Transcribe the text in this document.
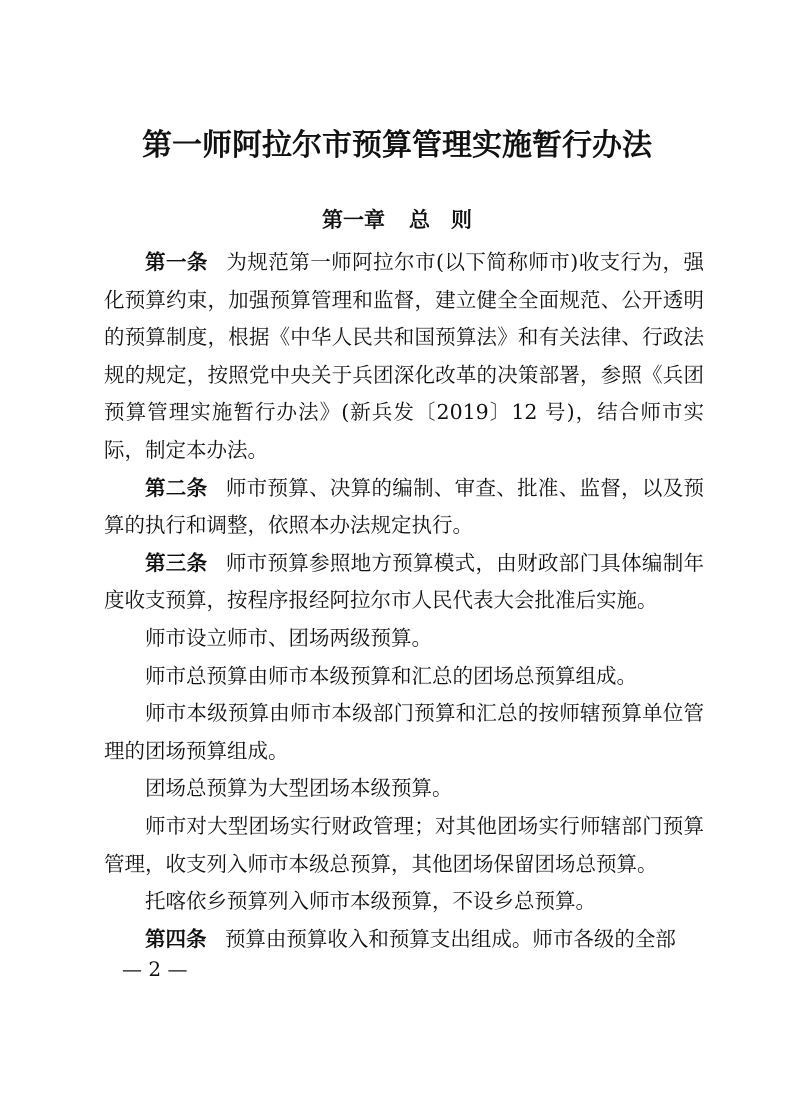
第一师阿拉尔市预算管理实施暂行办法
第一章 总　则

第一条 为规范第一师阿拉尔市(以下简称师市)收支行为，强化预算约束，加强预算管理和监督，建立健全全面规范、公开透明的预算制度，根据《中华人民共和国预算法》和有关法律、行政法规的规定，按照党中央关于兵团深化改革的决策部署，参照《兵团预算管理实施暂行办法》(新兵发〔2019〕12 号)，结合师市实际，制定本办法。

第二条 师市预算、决算的编制、审查、批准、监督，以及预算的执行和调整，依照本办法规定执行。

第三条 师市预算参照地方预算模式，由财政部门具体编制年度收支预算，按程序报经阿拉尔市人民代表大会批准后实施。

师市设立师市、团场两级预算。

师市总预算由师市本级预算和汇总的团场总预算组成。

师市本级预算由师市本级部门预算和汇总的按师辖预算单位管理的团场预算组成。

团场总预算为大型团场本级预算。

师市对大型团场实行财政管理；对其他团场实行师辖部门预算管理，收支列入师市本级总预算，其他团场保留团场总预算。

托喀依乡预算列入师市本级预算，不设乡总预算。

第四条 预算由预算收入和预算支出组成。师市各级的全部

— 2 —
